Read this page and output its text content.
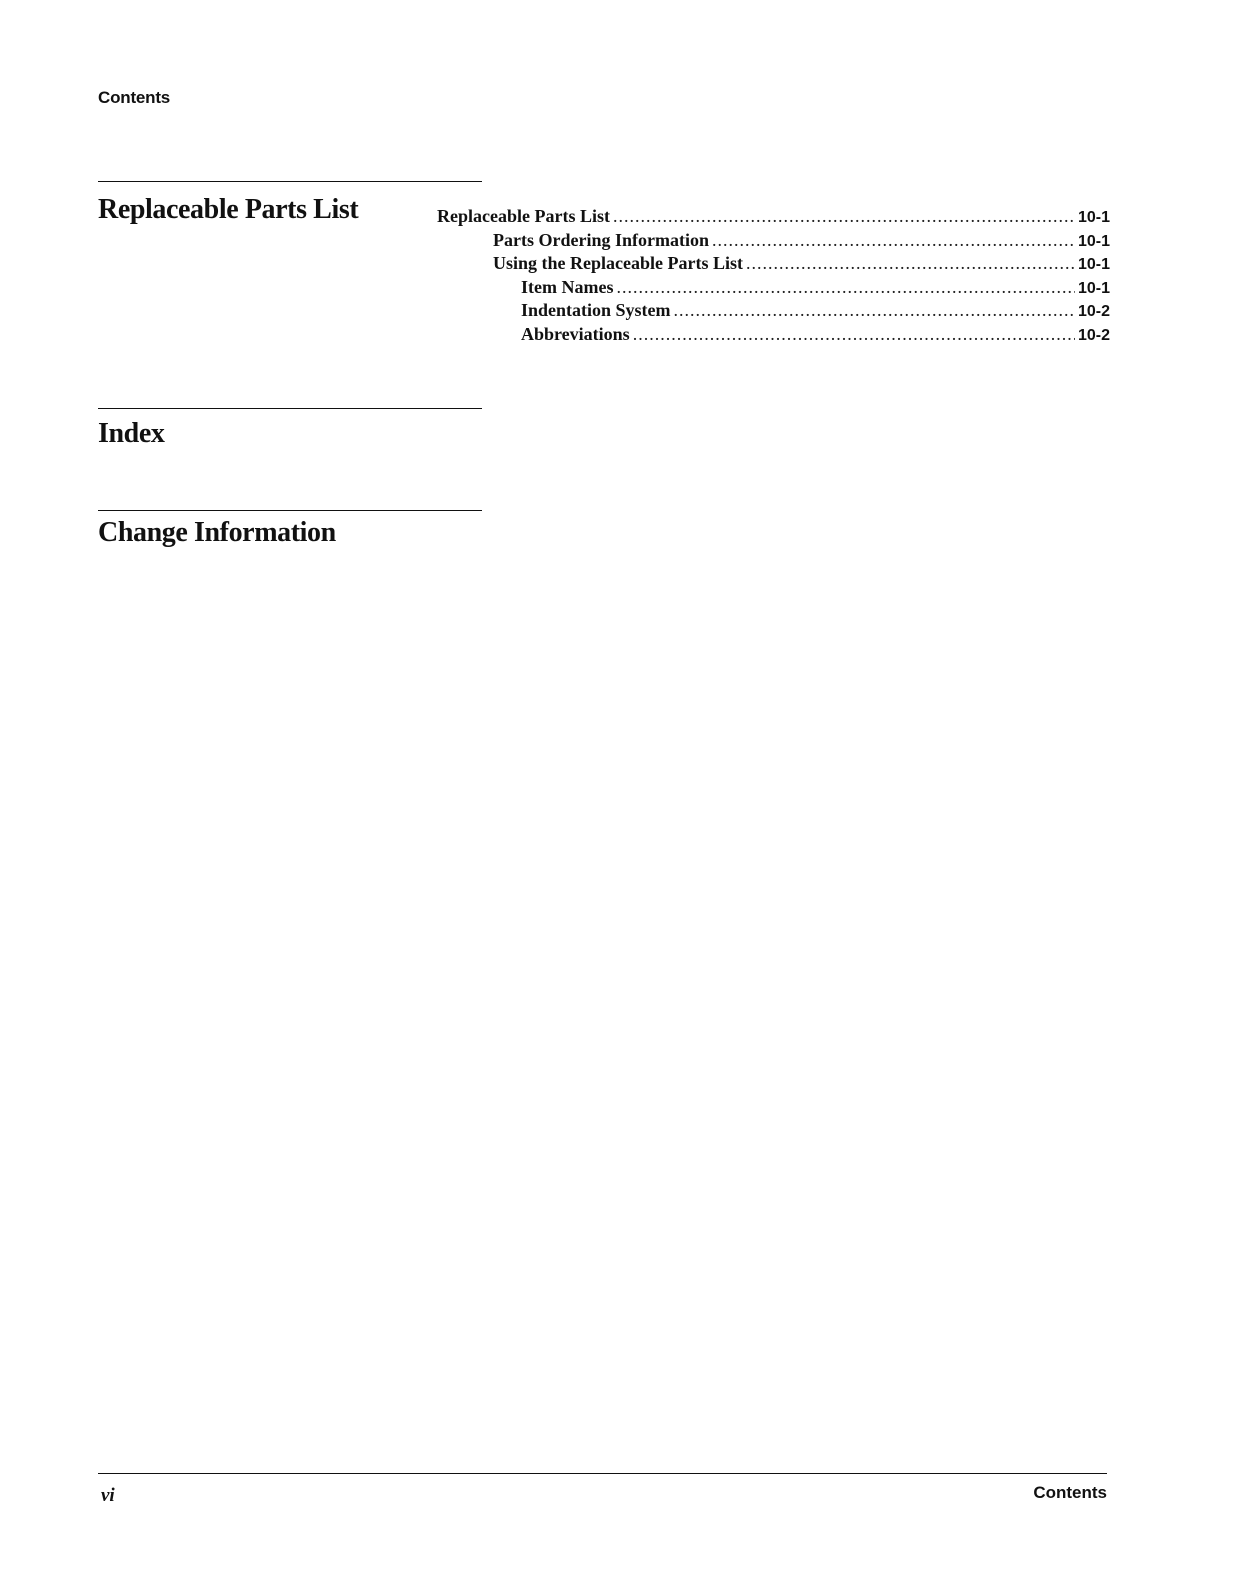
Contents
Replaceable Parts List	Replaceable Parts List .....	10-1
Parts Ordering Information .....	10-1
Using the Replaceable Parts List .....	10-1
Item Names .....	10-1
Indentation System .....	10-2
Abbreviations .....	10-2
Index
Change Information
vi	Contents
